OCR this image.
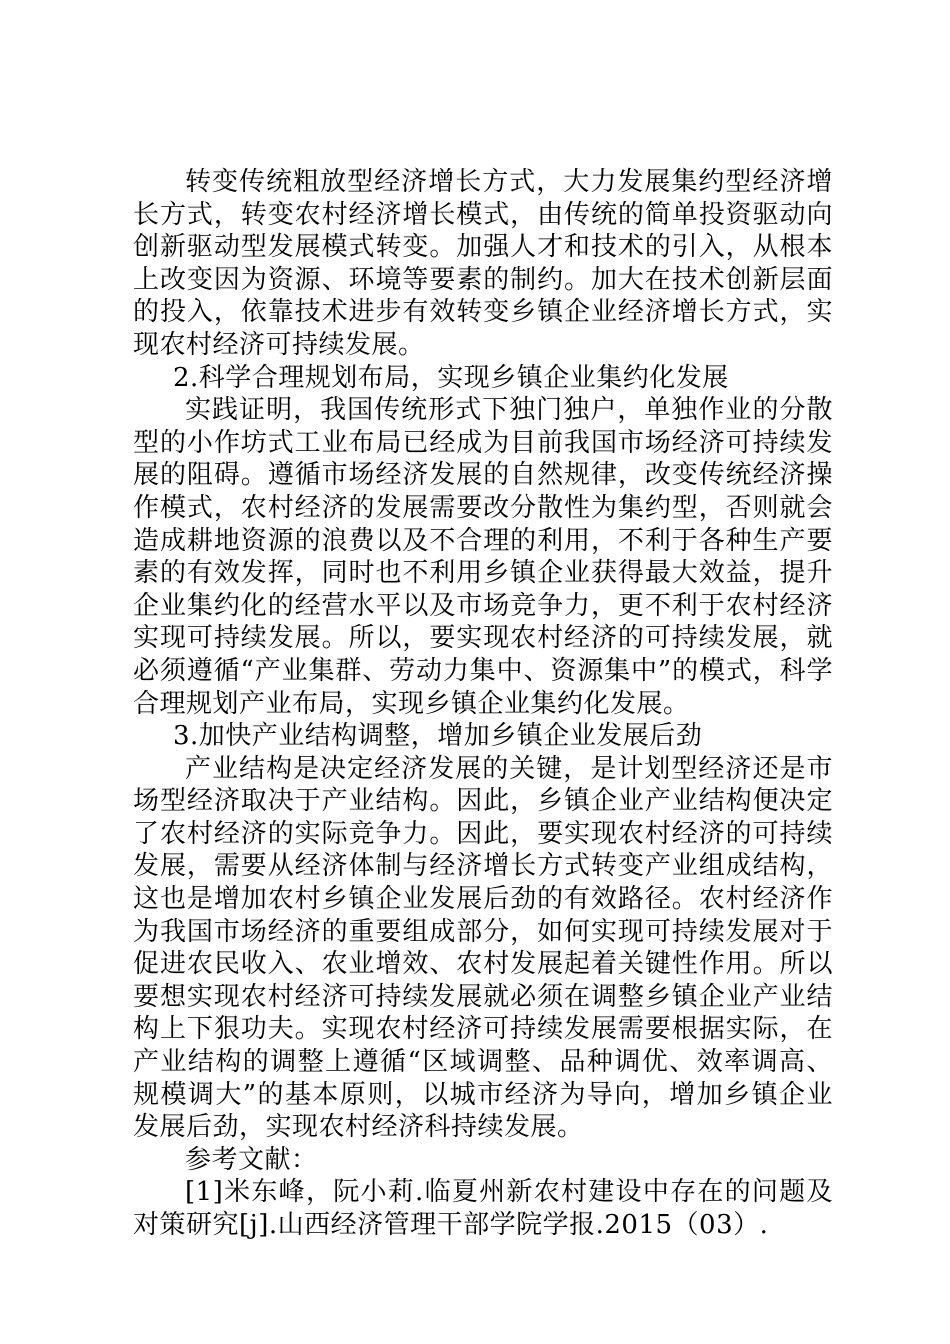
转变传统粗放型经济增长方式，大力发展集约型经济增长方式，转变农村经济增长模式，由传统的简单投资驱动向创新驱动型发展模式转变。加强人才和技术的引入，从根本上改变因为资源、环境等要素的制约。加大在技术创新层面的投入，依靠技术进步有效转变乡镇企业经济增长方式，实现农村经济可持续发展。

2.科学合理规划布局，实现乡镇企业集约化发展

实践证明，我国传统形式下独门独户，单独作业的分散型的小作坊式工业布局已经成为目前我国市场经济可持续发展的阻碍。遵循市场经济发展的自然规律，改变传统经济操作模式，农村经济的发展需要改分散性为集约型，否则就会造成耕地资源的浪费以及不合理的利用，不利于各种生产要素的有效发挥，同时也不利用乡镇企业获得最大效益，提升企业集约化的经营水平以及市场竞争力，更不利于农村经济实现可持续发展。所以，要实现农村经济的可持续发展，就必须遵循“产业集群、劳动力集中、资源集中”的模式，科学合理规划产业布局，实现乡镇企业集约化发展。

3.加快产业结构调整，增加乡镇企业发展后劲

产业结构是决定经济发展的关键，是计划型经济还是市场型经济取决于产业结构。因此，乡镇企业产业结构便决定了农村经济的实际竞争力。因此，要实现农村经济的可持续发展，需要从经济体制与经济增长方式转变产业组成结构，这也是增加农村乡镇企业发展后劲的有效路径。农村经济作为我国市场经济的重要组成部分，如何实现可持续发展对于促进农民收入、农业增效、农村发展起着关键性作用。所以要想实现农村经济可持续发展就必须在调整乡镇企业产业结构上下狠功夫。实现农村经济可持续发展需要根据实际，在产业结构的调整上遵循“区域调整、品种调优、效率调高、规模调大”的基本原则，以城市经济为导向，增加乡镇企业发展后劲，实现农村经济科持续发展。

参考文献：

[1]米东峰，阮小莉.临夏州新农村建设中存在的问题及对策研究[j].山西经济管理干部学院学报.2015（03）.
